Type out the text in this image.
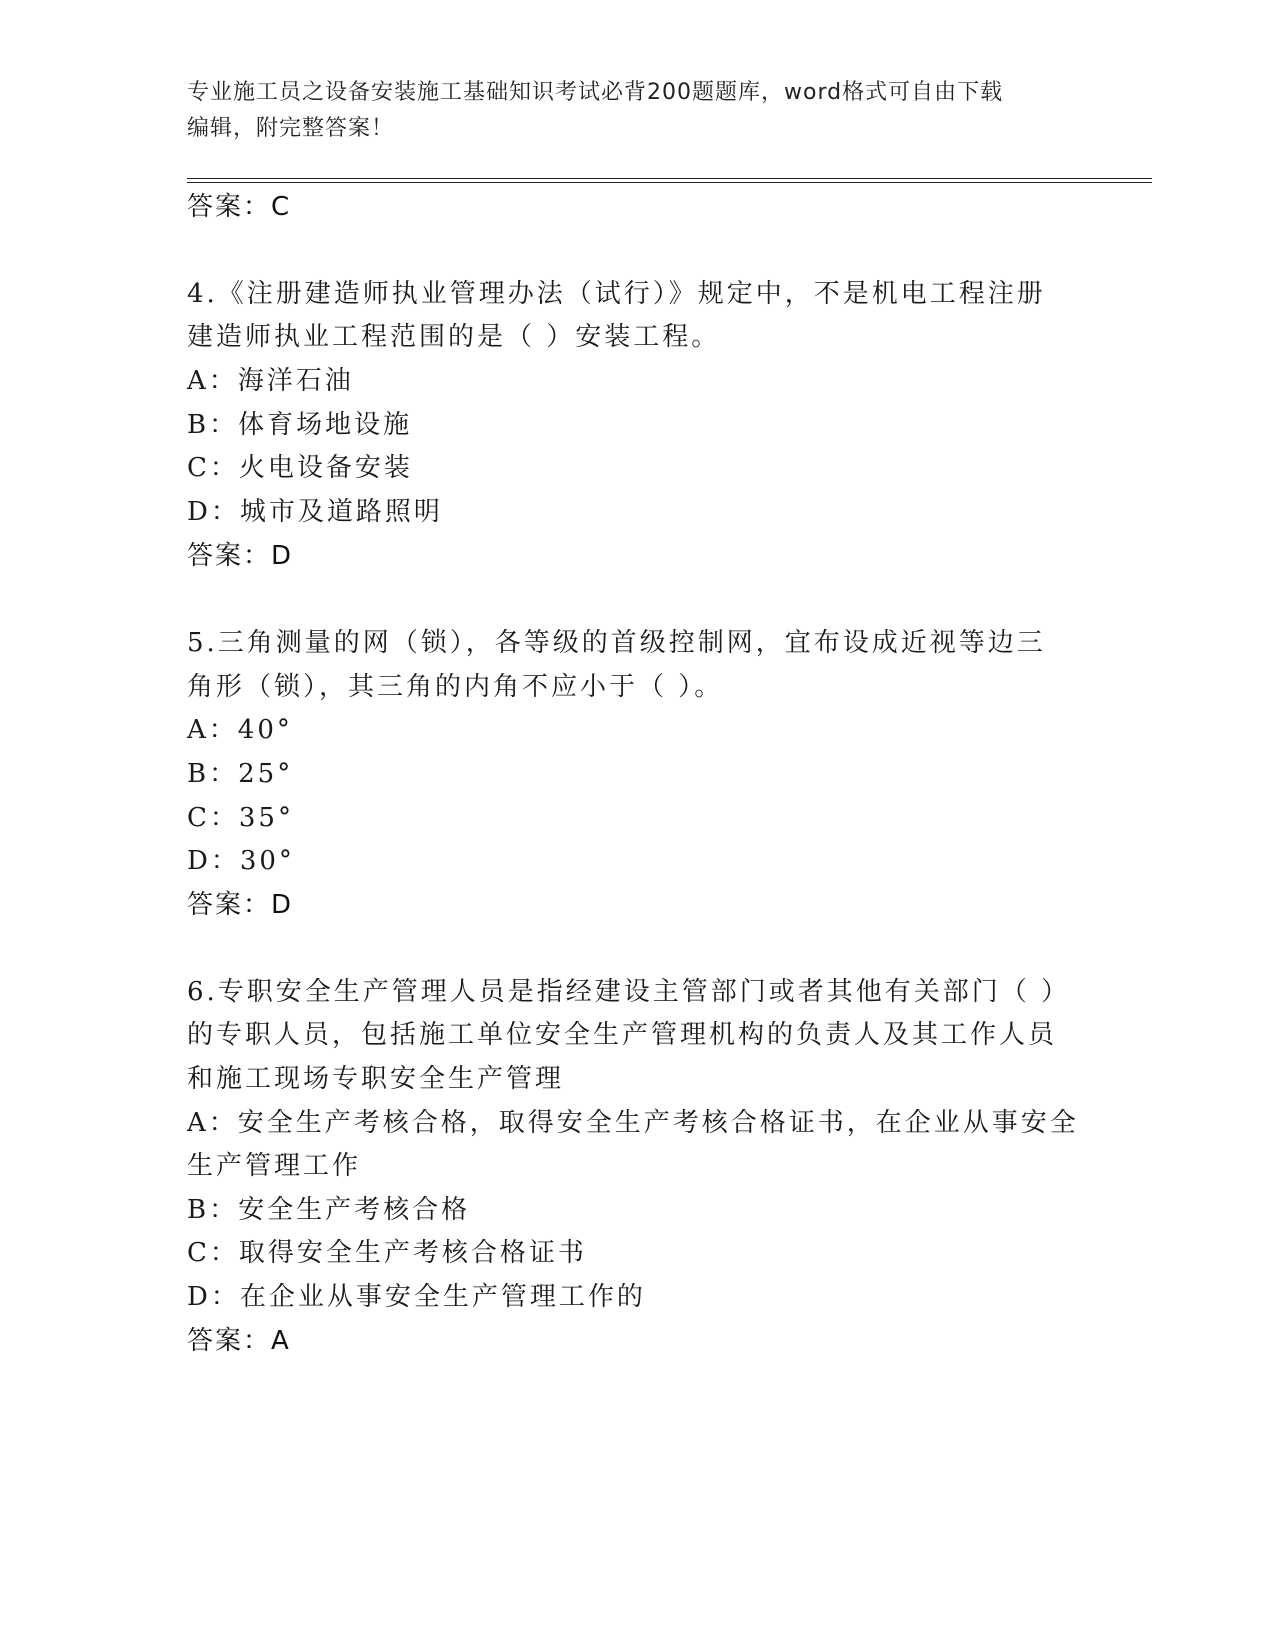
专业施工员之设备安装施工基础知识考试必背200题题库，word格式可自由下载
编辑，附完整答案！
答案：C
4.《注册建造师执业管理办法（试行）》规定中，不是机电工程注册
建造师执业工程范围的是（ ）安装工程。
A：海洋石油
B：体育场地设施
C：火电设备安装
D：城市及道路照明
答案：D
5.三角测量的网（锁），各等级的首级控制网，宜布设成近视等边三
角形（锁），其三角的内角不应小于（ ）。
A：40°
B：25°
C：35°
D：30°
答案：D
6.专职安全生产管理人员是指经建设主管部门或者其他有关部门（ ）
的专职人员，包括施工单位安全生产管理机构的负责人及其工作人员
和施工现场专职安全生产管理
A：安全生产考核合格，取得安全生产考核合格证书，在企业从事安全
生产管理工作
B：安全生产考核合格
C：取得安全生产考核合格证书
D：在企业从事安全生产管理工作的
答案：A
